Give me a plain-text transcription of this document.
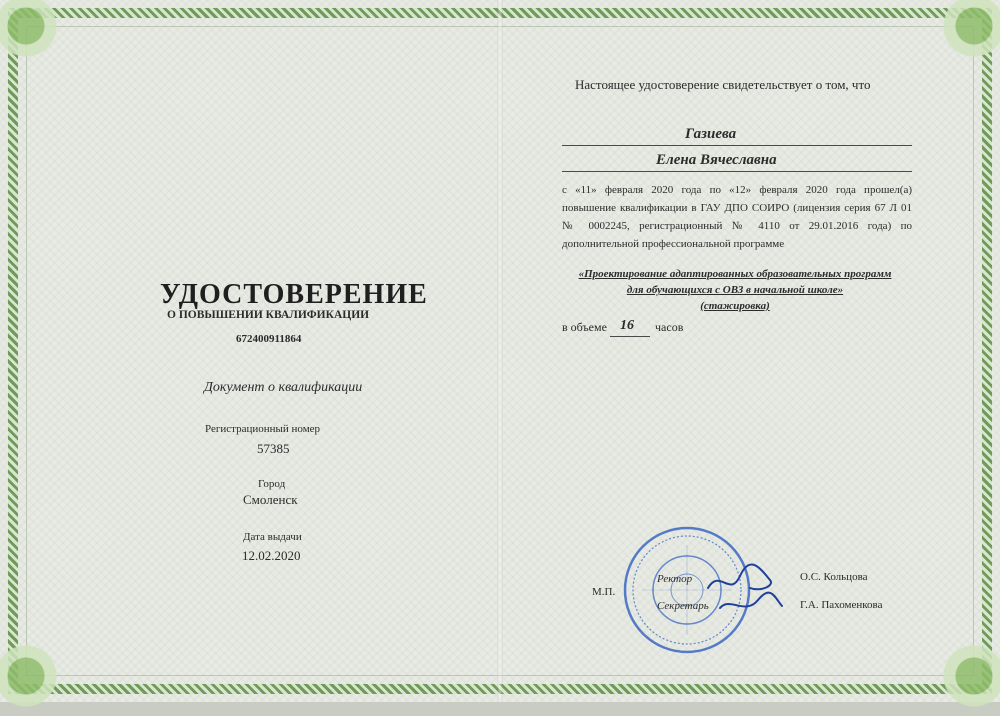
УДОСТОВЕРЕНИЕ
О ПОВЫШЕНИИ КВАЛИФИКАЦИИ
672400911864
Документ о квалификации
Регистрационный номер
57385
Город
Смоленск
Дата выдачи
12.02.2020
Настоящее удостоверение свидетельствует о том, что
Газиева
Елена Вячеславна
с «11» февраля 2020 года по «12» февраля 2020 года прошел(а) повышение квалификации в ГАУ ДПО СОИРО (лицензия серия 67 Л 01 № 0002245, регистрационный № 4110 от 29.01.2016 года) по дополнительной профессиональной программе
«Проектирование адаптированных образовательных программ
для обучающихся с ОВЗ в начальной школе»
(стажировка)
в объеме 16 часов
М.П.
Ректор	О.С. Кольцова
Секретарь	Г.А. Пахоменкова
